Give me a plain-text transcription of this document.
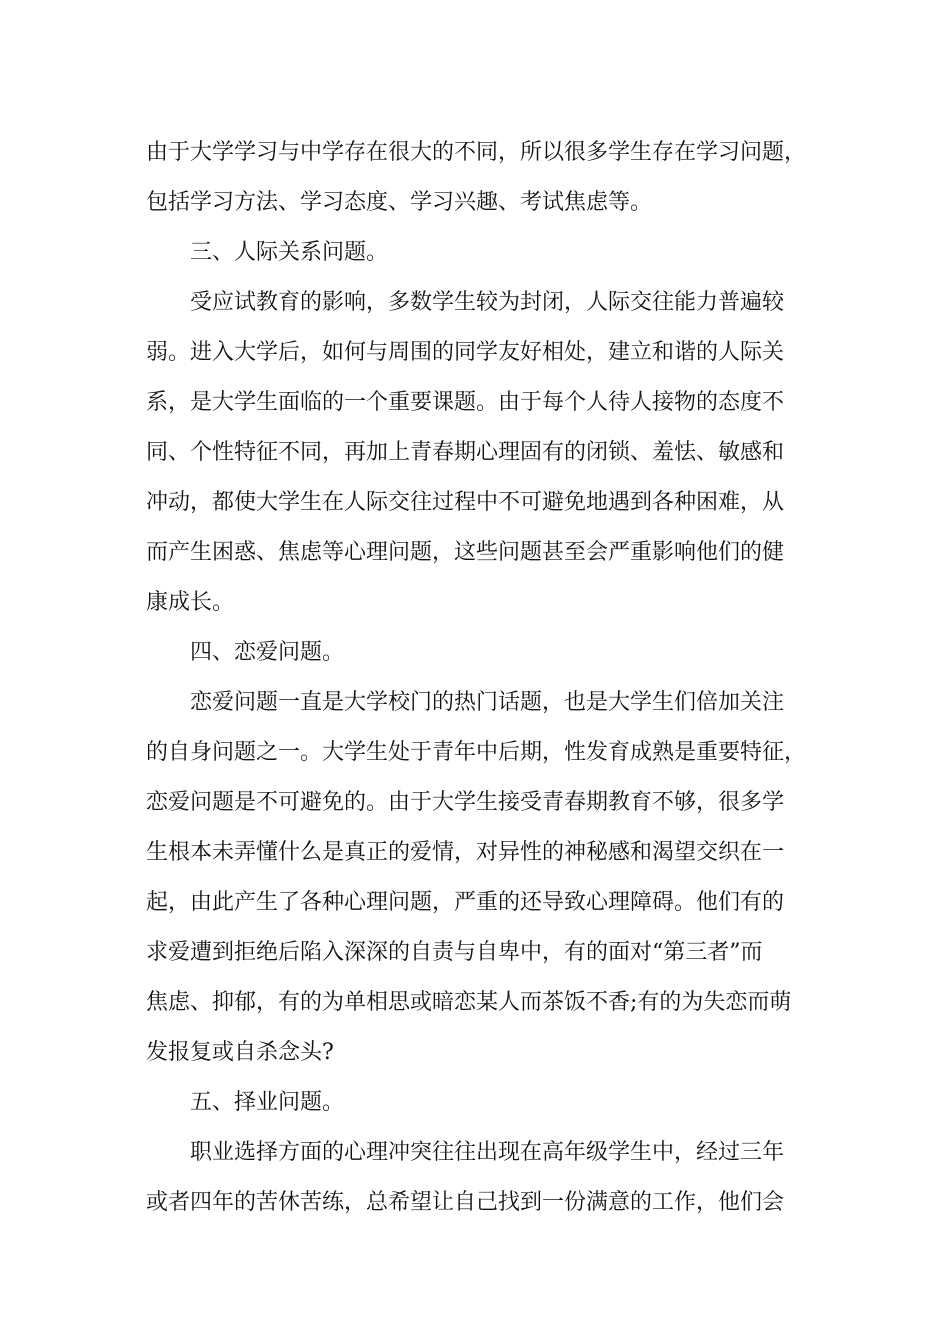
由于大学学习与中学存在很大的不同，所以很多学生存在学习问题，
包括学习方法、学习态度、学习兴趣、考试焦虑等。
三、人际关系问题。
受应试教育的影响，多数学生较为封闭，人际交往能力普遍较
弱。进入大学后，如何与周围的同学友好相处，建立和谐的人际关
系，是大学生面临的一个重要课题。由于每个人待人接物的态度不
同、个性特征不同，再加上青春期心理固有的闭锁、羞怯、敏感和
冲动，都使大学生在人际交往过程中不可避免地遇到各种困难，从
而产生困惑、焦虑等心理问题，这些问题甚至会严重影响他们的健
康成长。
四、恋爱问题。
恋爱问题一直是大学校门的热门话题，也是大学生们倍加关注
的自身问题之一。大学生处于青年中后期，性发育成熟是重要特征，
恋爱问题是不可避免的。由于大学生接受青春期教育不够，很多学
生根本未弄懂什么是真正的爱情，对异性的神秘感和渴望交织在一
起，由此产生了各种心理问题，严重的还导致心理障碍。他们有的
求爱遭到拒绝后陷入深深的自责与自卑中，有的面对“第三者”而
焦虑、抑郁，有的为单相思或暗恋某人而茶饭不香;有的为失恋而萌
发报复或自杀念头?
五、择业问题。
职业选择方面的心理冲突往往出现在高年级学生中，经过三年
或者四年的苦休苦练，总希望让自己找到一份满意的工作，他们会
